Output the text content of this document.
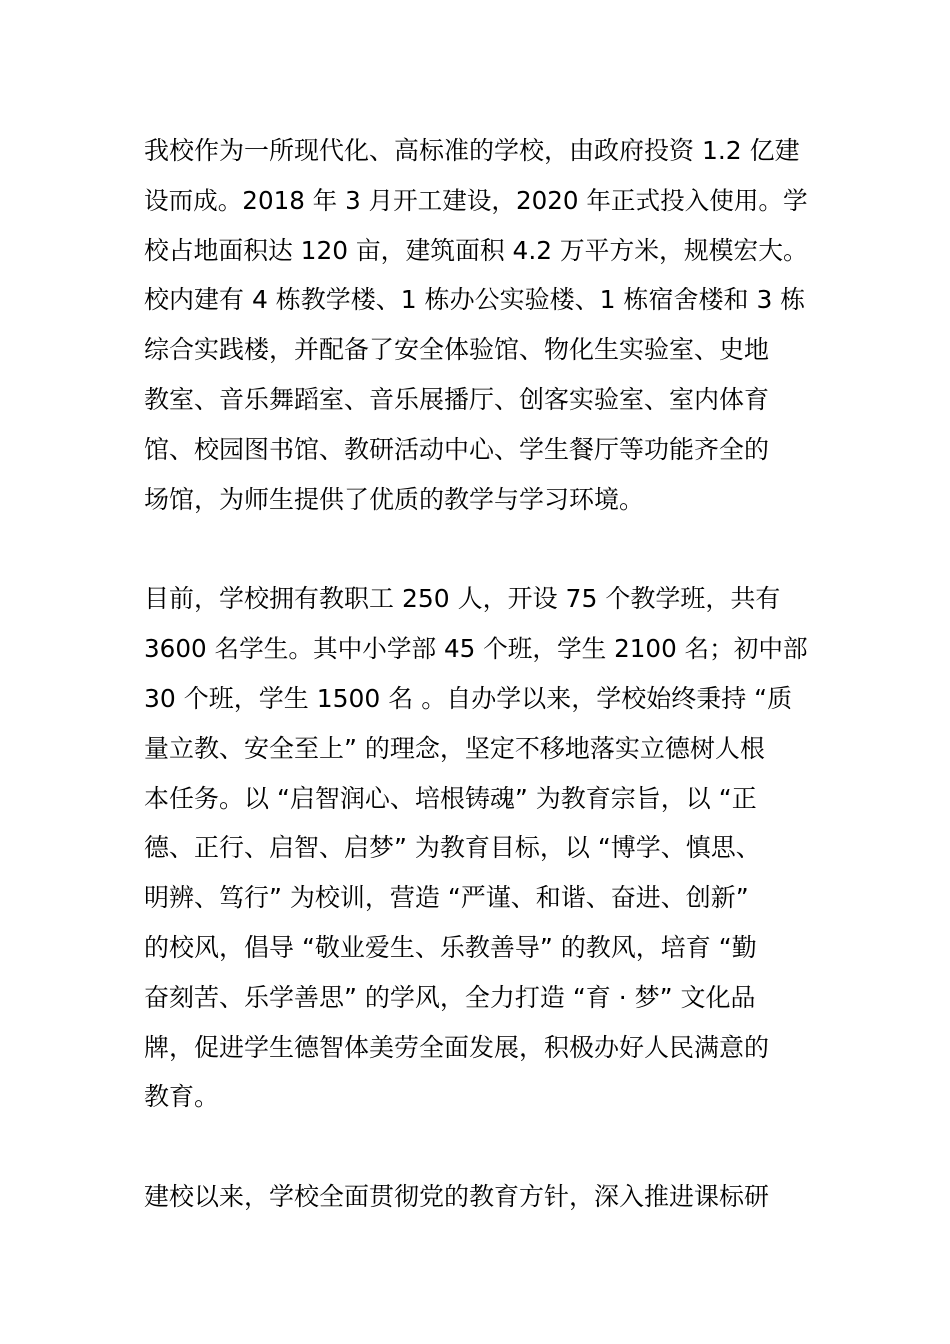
我校作为一所现代化、高标准的学校，由政府投资 1.2 亿建
设而成。2018 年 3 月开工建设，2020 年正式投入使用。学
校占地面积达 120 亩，建筑面积 4.2 万平方米，规模宏大。
校内建有 4 栋教学楼、1 栋办公实验楼、1 栋宿舍楼和 3 栋
综合实践楼，并配备了安全体验馆、物化生实验室、史地
教室、音乐舞蹈室、音乐展播厅、创客实验室、室内体育
馆、校园图书馆、教研活动中心、学生餐厅等功能齐全的
场馆，为师生提供了优质的教学与学习环境。

目前，学校拥有教职工 250 人，开设 75 个教学班，共有
3600 名学生。其中小学部 45 个班，学生 2100 名；初中部
30 个班，学生 1500 名 。自办学以来，学校始终秉持 “质
量立教、安全至上” 的理念，坚定不移地落实立德树人根
本任务。以 “启智润心、培根铸魂” 为教育宗旨，以 “正
德、正行、启智、启梦” 为教育目标，以 “博学、慎思、
明辨、笃行” 为校训，营造 “严谨、和谐、奋进、创新”
的校风，倡导 “敬业爱生、乐教善导” 的教风，培育 “勤
奋刻苦、乐学善思” 的学风，全力打造 “育 · 梦” 文化品
牌，促进学生德智体美劳全面发展，积极办好人民满意的
教育。

建校以来，学校全面贯彻党的教育方针，深入推进课标研
